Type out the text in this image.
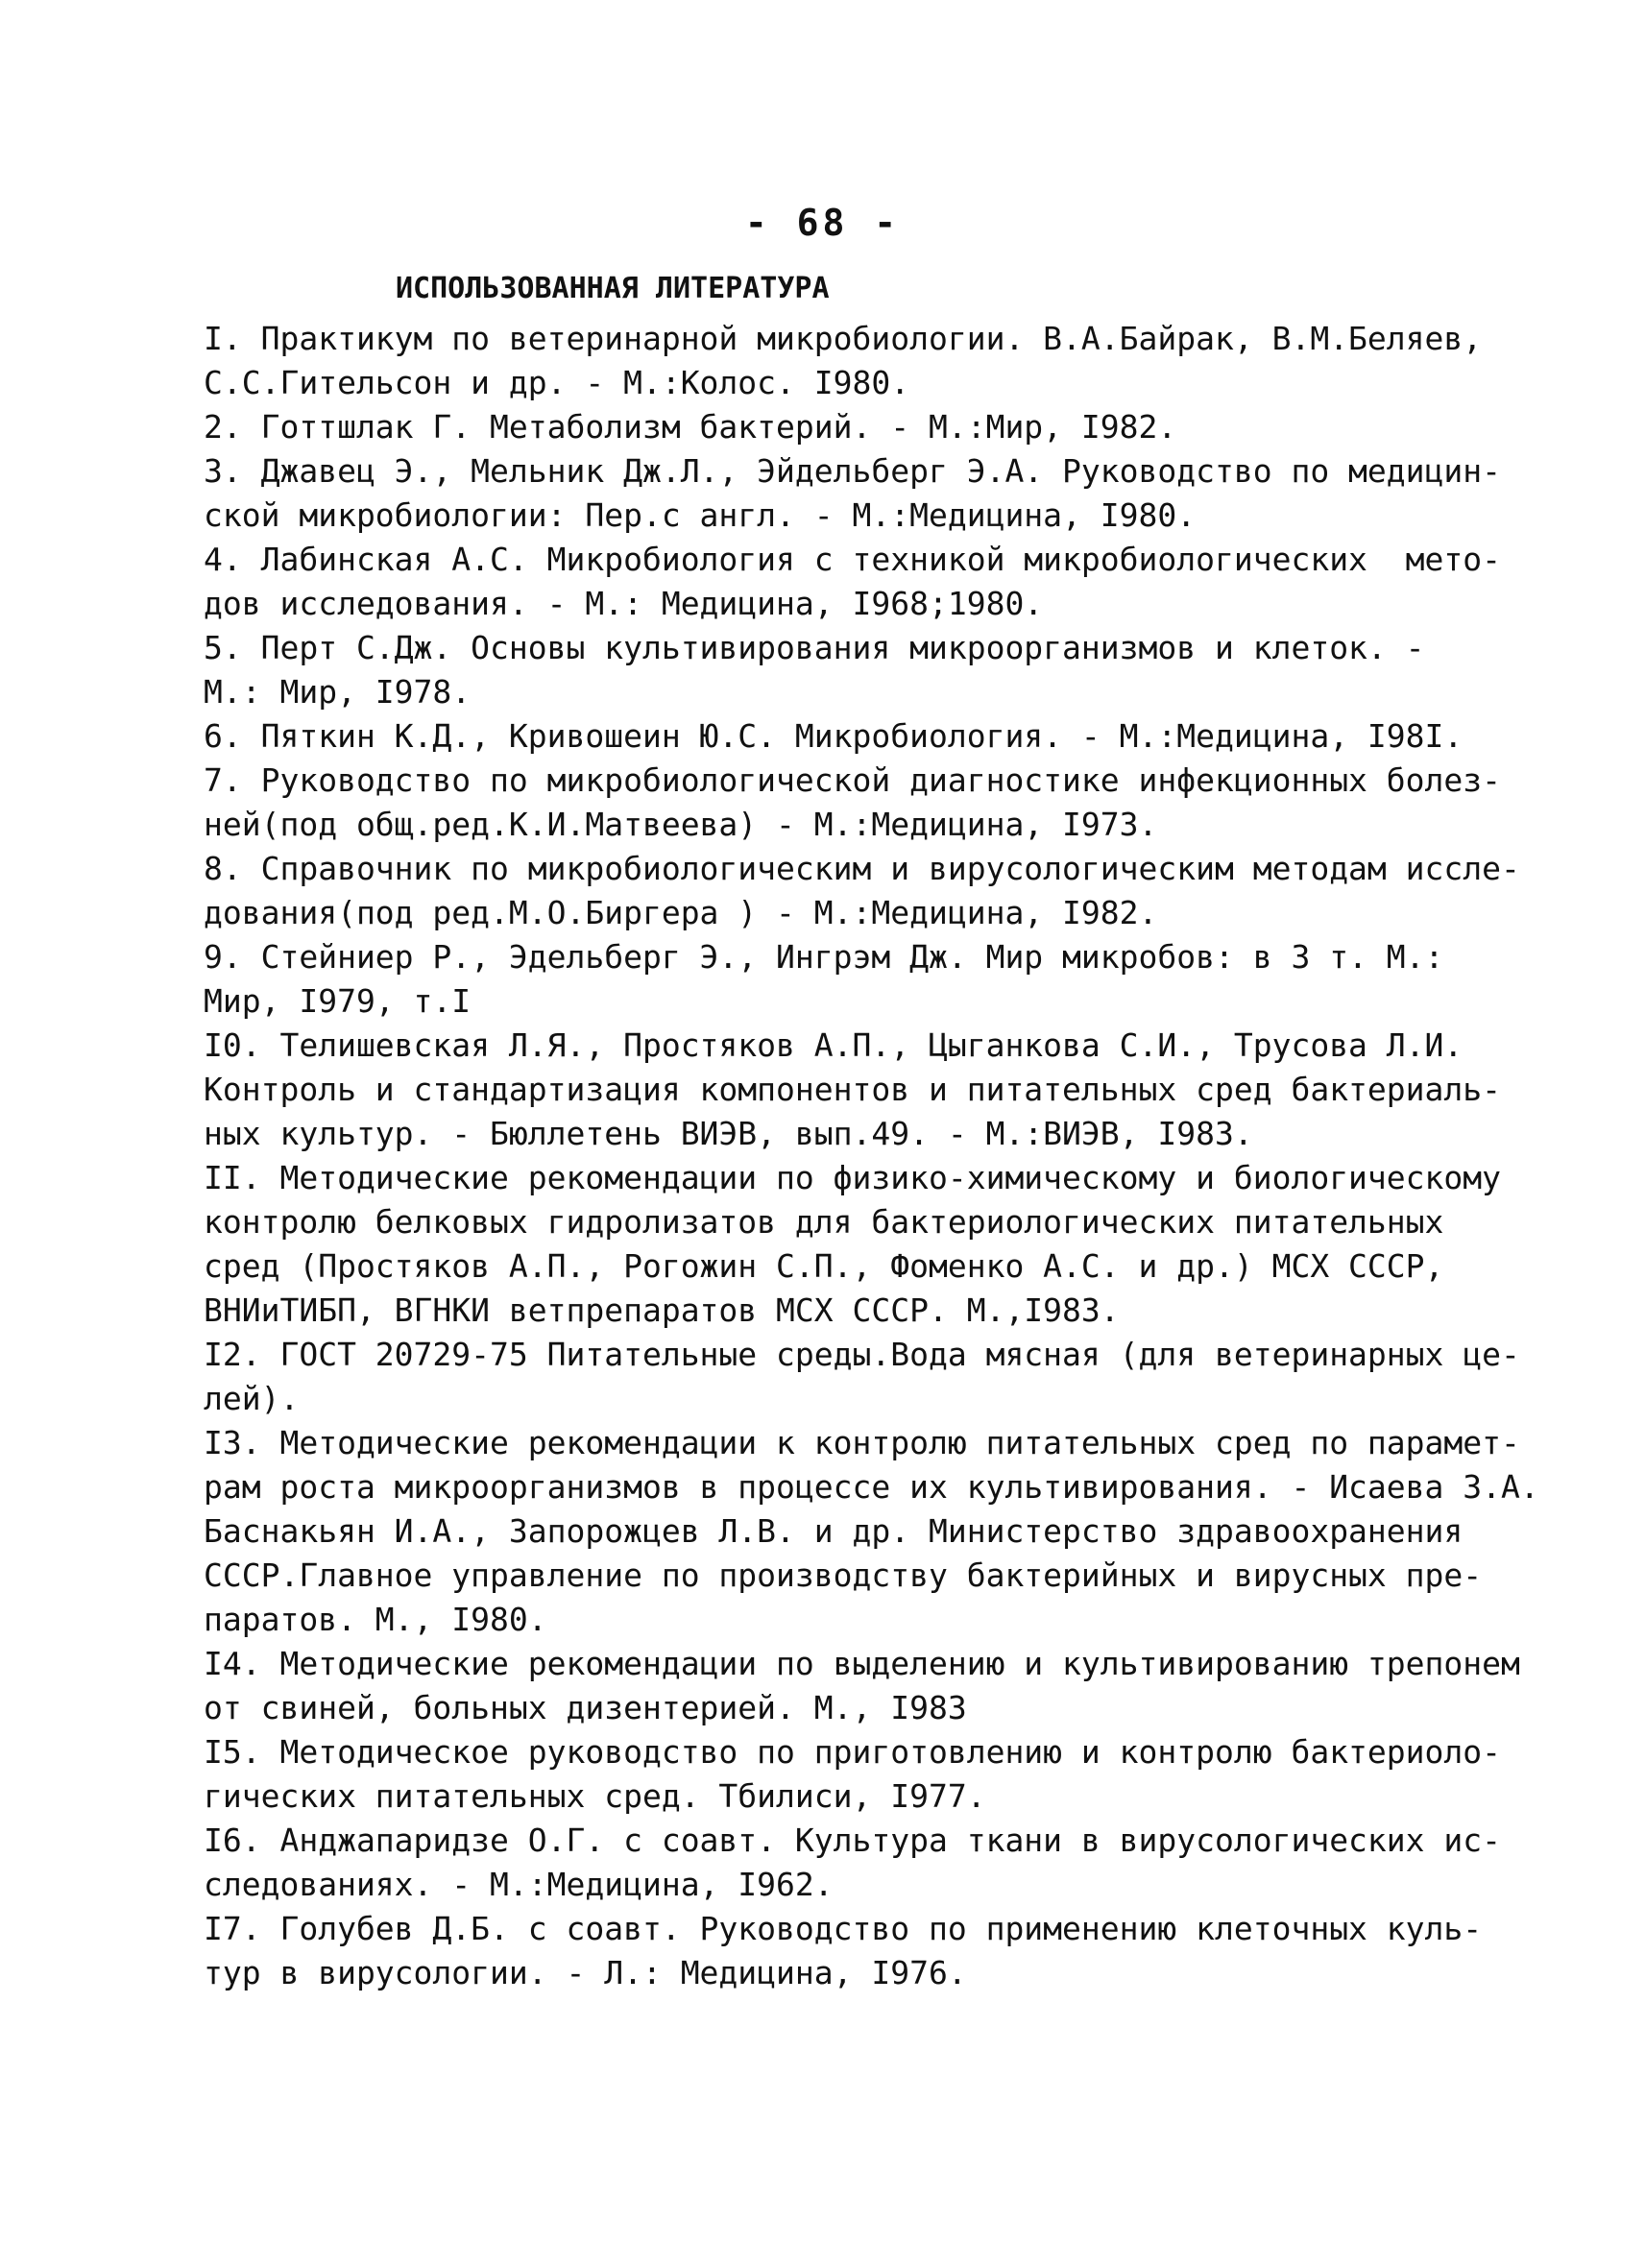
- 68 -
ИСПОЛЬЗОВАННАЯ ЛИТЕРАТУРА
I. Практикум по ветеринарной микробиологии. В.А.Байрак, В.М.Беляев,
С.С.Гительсон и др. - М.:Колос. I980.
2. Готтшлак Г. Метаболизм бактерий. - М.:Мир, I982.
3. Джавец Э., Мельник Дж.Л., Эйдельберг Э.А. Руководство по медицин-
ской микробиологии: Пер.с англ. - М.:Медицина, I980.
4. Лабинская А.С. Микробиология с техникой микробиологических  мето-
дов исследования. - М.: Медицина, I968;1980.
5. Перт С.Дж. Основы культивирования микроорганизмов и клеток. -
М.: Мир, I978.
6. Пяткин К.Д., Кривошеин Ю.С. Микробиология. - М.:Медицина, I98I.
7. Руководство по микробиологической диагностике инфекционных болез-
ней(под общ.ред.К.И.Матвеева) - М.:Медицина, I973.
8. Справочник по микробиологическим и вирусологическим методам иссле-
дования(под ред.М.О.Биргера ) - М.:Медицина, I982.
9. Стейниер Р., Эдельберг Э., Ингрэм Дж. Мир микробов: в 3 т. М.:
Мир, I979, т.I
I0. Телишевская Л.Я., Простяков А.П., Цыганкова С.И., Трусова Л.И.
Контроль и стандартизация компонентов и питательных сред бактериаль-
ных культур. - Бюллетень ВИЭВ, вып.49. - М.:ВИЭВ, I983.
II. Методические рекомендации по физико-химическому и биологическому
контролю белковых гидролизатов для бактериологических питательных
сред (Простяков А.П., Рогожин С.П., Фоменко А.С. и др.) МСХ СССР,
ВНИиТИБП, ВГНКИ ветпрепаратов МСХ СССР. М.,I983.
I2. ГОСТ 20729-75 Питательные среды.Вода мясная (для ветеринарных це-
лей).
I3. Методические рекомендации к контролю питательных сред по парамет-
рам роста микроорганизмов в процессе их культивирования. - Исаева З.А.
Баснакьян И.А., Запорожцев Л.В. и др. Министерство здравоохранения
СССР.Главное управление по производству бактерийных и вирусных пре-
паратов. М., I980.
I4. Методические рекомендации по выделению и культивированию трепонем
от свиней, больных дизентерией. М., I983
I5. Методическое руководство по приготовлению и контролю бактериоло-
гических питательных сред. Тбилиси, I977.
I6. Анджапаридзе О.Г. с соавт. Культура ткани в вирусологических ис-
следованиях. - М.:Медицина, I962.
I7. Голубев Д.Б. с соавт. Руководство по применению клеточных куль-
тур в вирусологии. - Л.: Медицина, I976.
